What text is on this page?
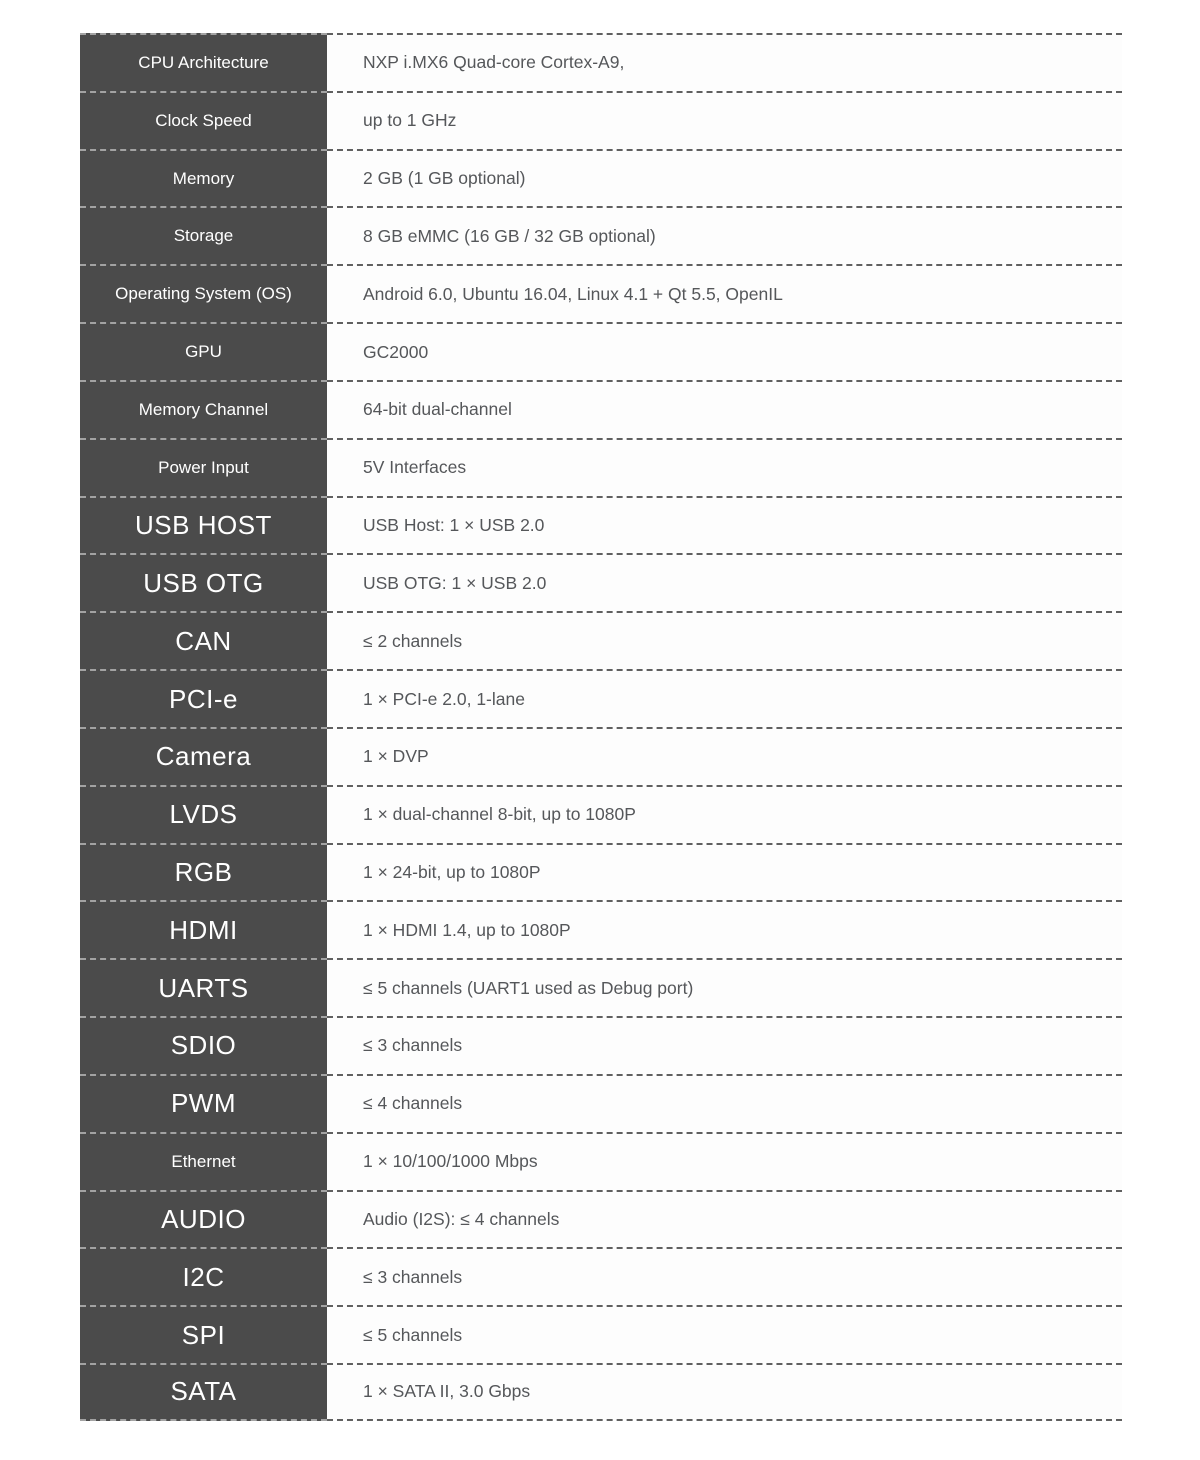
CPU Architecture	NXP i.MX6 Quad-core Cortex-A9,
Clock Speed	up to 1 GHz
Memory	2 GB (1 GB optional)
Storage	8 GB eMMC (16 GB / 32 GB optional)
Operating System (OS)	Android 6.0, Ubuntu 16.04, Linux 4.1 + Qt 5.5, OpenIL
GPU	GC2000
Memory Channel	64-bit dual-channel
Power Input	5V Interfaces
USB HOST	USB Host: 1 × USB 2.0
USB OTG	USB OTG: 1 × USB 2.0
CAN	≤ 2 channels
PCI-e	1 × PCI-e 2.0, 1-lane
Camera	1 × DVP
LVDS	1 × dual-channel 8-bit, up to 1080P
RGB	1 × 24-bit, up to 1080P
HDMI	1 × HDMI 1.4, up to 1080P
UARTS	≤ 5 channels (UART1 used as Debug port)
SDIO	≤ 3 channels
PWM	≤ 4 channels
Ethernet	1 × 10/100/1000 Mbps
AUDIO	Audio (I2S): ≤ 4 channels
I2C	≤ 3 channels
SPI	≤ 5 channels
SATA	1 × SATA II, 3.0 Gbps
